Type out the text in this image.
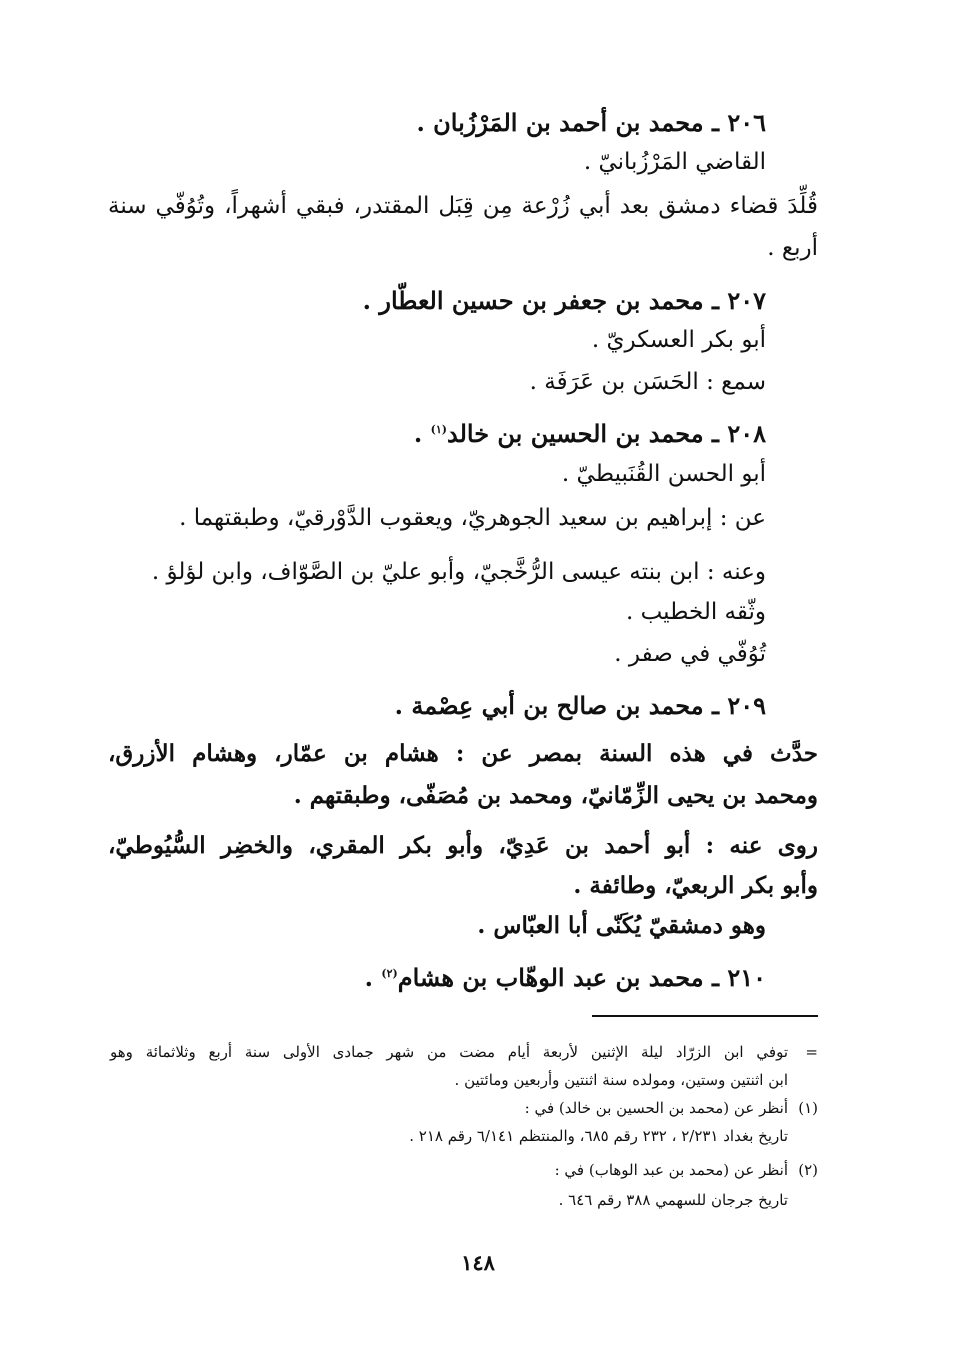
٢٠٦ ـ محمد بن أحمد بن المَرْزُبان .
القاضي المَرْزُبانيّ .
قُلِّدَ قضاء دمشق بعد أبي زُرْعة مِن قِبَل المقتدر، فبقي أشهراً، وتُوُفّي سنة
أربع .
٢٠٧ ـ محمد بن جعفر بن حسين العطّار .
أبو بكر العسكريّ .
سمع : الحَسَن بن عَرَفَة .
٢٠٨ ـ محمد بن الحسين بن خالد$^{(١)}$ .
أبو الحسن القُنَبيطيّ .
عن : إبراهيم بن سعيد الجوهريّ، ويعقوب الدَّوْرقيّ، وطبقتهما .
وعنه : ابن بنته عيسى الرُّخَّجيّ، وأبو عليّ بن الصَّوّاف، وابن لؤلؤ .
وثّقه الخطيب .
تُوُفّي في صفر .
٢٠٩ ـ محمد بن صالح بن أبي عِصْمة .
حدَّث في هذه السنة بمصر عن : هشام بن عمّار، وهشام الأزرق،
ومحمد بن يحيى الزِّمّانيّ، ومحمد بن مُصَفّى، وطبقتهم .
روى عنه : أبو أحمد بن عَدِيّ، وأبو بكر المقري، والخضِر السُّيُوطيّ،
وأبو بكر الربعيّ، وطائفة .
وهو دمشقيّ يُكَنّى أبا العبّاس .
٢١٠ ـ محمد بن عبد الوهّاب بن هشام$^{(٢)}$ .
=
توفي ابن الزرّاد ليلة الإثنين لأربعة أيام مضت من شهر جمادى الأولى سنة أربع وثلاثمائة وهو
ابن اثنتين وستين، ومولده سنة اثنتين وأربعين ومائتين .
(١)
أنظر عن (محمد بن الحسين بن خالد) في :
تاريخ بغداد ٢/٢٣١ ، ٢٣٢ رقم ٦٨٥، والمنتظم ٦/١٤١ رقم ٢١٨ .
(٢)
أنظر عن (محمد بن عبد الوهاب) في :
تاريخ جرجان للسهمي ٣٨٨ رقم ٦٤٦ .
١٤٨
